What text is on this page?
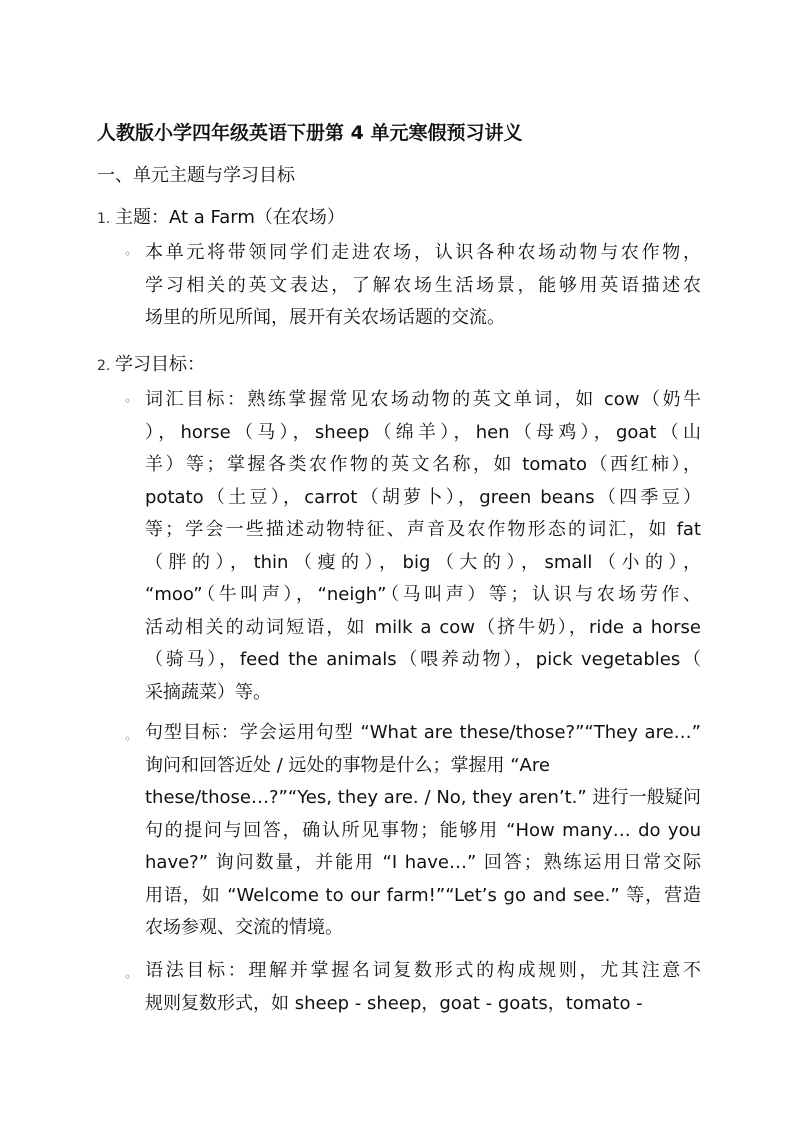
人教版小学四年级英语下册第 4 单元寒假预习讲义
一、单元主题与学习目标
1. 主题：At a Farm（在农场）
◦ 本单元将带领同学们走进农场，认识各种农场动物与农作物，
学习相关的英文表达，了解农场生活场景，能够用英语描述农
场里的所见所闻，展开有关农场话题的交流。
2. 学习目标：
◦ 词汇目标：熟练掌握常见农场动物的英文单词，如 cow（奶牛
），horse（马），sheep（绵羊），hen（母鸡），goat（山
羊）等；掌握各类农作物的英文名称，如 tomato（西红柿），
potato（土豆），carrot（胡萝卜），green beans（四季豆）
等；学会一些描述动物特征、声音及农作物形态的词汇，如 fat
（胖的），thin（瘦的），big（大的），small（小的），
“moo”（牛叫声），“neigh”（马叫声）等；认识与农场劳作、
活动相关的动词短语，如 milk a cow（挤牛奶），ride a horse
（骑马），feed the animals（喂养动物），pick vegetables（
采摘蔬菜）等。
◦ 句型目标：学会运用句型 “What are these/those?”“They are…”
询问和回答近处 / 远处的事物是什么；掌握用 “Are
these/those…?”“Yes, they are. / No, they aren’t.” 进行一般疑问
句的提问与回答，确认所见事物；能够用 “How many… do you
have?” 询问数量，并能用 “I have…” 回答；熟练运用日常交际
用语，如 “Welcome to our farm!”“Let’s go and see.” 等，营造
农场参观、交流的情境。
◦ 语法目标：理解并掌握名词复数形式的构成规则，尤其注意不
规则复数形式，如 sheep - sheep，goat - goats，tomato -
